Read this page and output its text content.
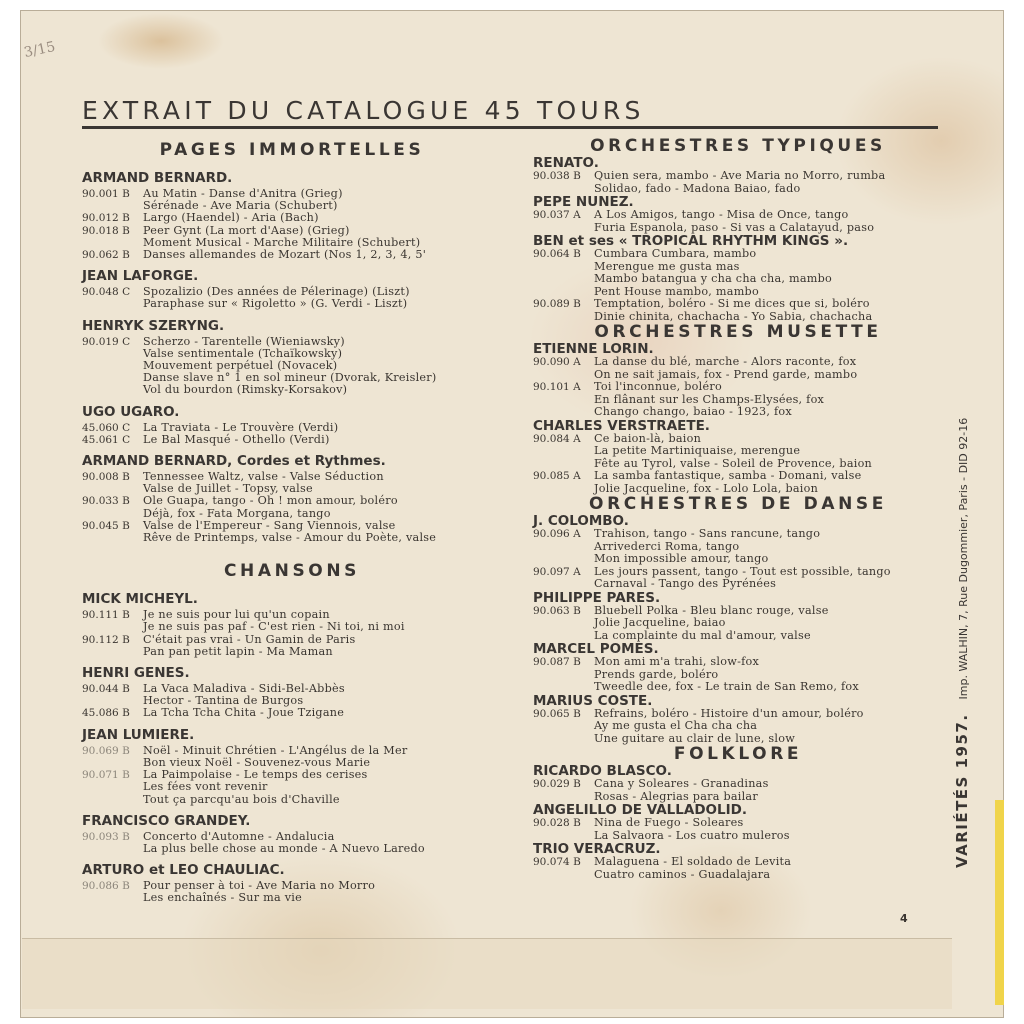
3/15
EXTRAIT DU CATALOGUE 45 TOURS
PAGES IMMORTELLES
ARMAND BERNARD.
90.001 B	Au Matin - Danse d'Anitra (Grieg)
Sérénade - Ave Maria (Schubert)
90.012 B	Largo (Haendel) - Aria (Bach)
90.018 B	Peer Gynt (La mort d'Aase) (Grieg)
Moment Musical - Marche Militaire (Schubert)
90.062 B	Danses allemandes de Mozart (Nos 1, 2, 3, 4, 5'
JEAN LAFORGE.
90.048 C	Spozalizio (Des années de Pélerinage) (Liszt)
Paraphase sur « Rigoletto » (G. Verdi - Liszt)
HENRYK SZERYNG.
90.019 C	Scherzo - Tarentelle (Wieniawsky)
Valse sentimentale (Tchaïkowsky)
Mouvement perpétuel (Novacek)
Danse slave n° 1 en sol mineur (Dvorak, Kreisler)
Vol du bourdon (Rimsky-Korsakov)
UGO UGARO.
45.060 C	La Traviata - Le Trouvère (Verdi)
45.061 C	Le Bal Masqué - Othello (Verdi)
ARMAND BERNARD, Cordes et Rythmes.
90.008 B	Tennessee Waltz, valse - Valse Séduction
Valse de Juillet - Topsy, valse
90.033 B	Ole Guapa, tango - Oh ! mon amour, boléro
Déjà, fox - Fata Morgana, tango
90.045 B	Valse de l'Empereur - Sang Viennois, valse
Rêve de Printemps, valse - Amour du Poète, valse
CHANSONS
MICK MICHEYL.
90.111 B	Je ne suis pour lui qu'un copain
Je ne suis pas paf - C'est rien - Ni toi, ni moi
90.112 B	C'était pas vrai - Un Gamin de Paris
Pan pan petit lapin - Ma Maman
HENRI GENES.
90.044 B	La Vaca Maladiva - Sidi-Bel-Abbès
Hector - Tantina de Burgos
45.086 B	La Tcha Tcha Chita - Joue Tzigane
JEAN LUMIERE.
90.069 B	Noël - Minuit Chrétien - L'Angélus de la Mer
Bon vieux Noël - Souvenez-vous Marie
90.071 B	La Paimpolaise - Le temps des cerises
Les fées vont revenir
Tout ça parcqu'au bois d'Chaville
FRANCISCO GRANDEY.
90.093 B	Concerto d'Automne - Andalucia
La plus belle chose au monde - A Nuevo Laredo
ARTURO et LEO CHAULIAC.
90.086 B	Pour penser à toi - Ave Maria no Morro
Les enchaînés - Sur ma vie
ORCHESTRES TYPIQUES
RENATO.
90.038 B	Quien sera, mambo - Ave Maria no Morro, rumba
Solidao, fado - Madona Baiao, fado
PEPE NUNEZ.
90.037 A	A Los Amigos, tango - Misa de Once, tango
Furia Espanola, paso - Si vas a Calatayud, paso
BEN et ses « TROPICAL RHYTHM KINGS ».
90.064 B	Cumbara Cumbara, mambo
Merengue me gusta mas
Mambo batangua y cha cha cha, mambo
Pent House mambo, mambo
90.089 B	Temptation, boléro - Si me dices que si, boléro
Dinie chinita, chachacha - Yo Sabia, chachacha
ORCHESTRES MUSETTE
ETIENNE LORIN.
90.090 A	La danse du blé, marche - Alors raconte, fox
On ne sait jamais, fox - Prend garde, mambo
90.101 A	Toi l'inconnue, boléro
En flânant sur les Champs-Elysées, fox
Chango chango, baiao - 1923, fox
CHARLES VERSTRAETE.
90.084 A	Ce baion-là, baion
La petite Martiniquaise, merengue
Fête au Tyrol, valse - Soleil de Provence, baion
90.085 A	La samba fantastique, samba - Domani, valse
Jolie Jacqueline, fox - Lolo Lola, baion
ORCHESTRES DE DANSE
J. COLOMBO.
90.096 A	Trahison, tango - Sans rancune, tango
Arrivederci Roma, tango
Mon impossible amour, tango
90.097 A	Les jours passent, tango - Tout est possible, tango
Carnaval - Tango des Pyrénées
PHILIPPE PARES.
90.063 B	Bluebell Polka - Bleu blanc rouge, valse
Jolie Jacqueline, baiao
La complainte du mal d'amour, valse
MARCEL POMES.
90.087 B	Mon ami m'a trahi, slow-fox
Prends garde, boléro
Tweedle dee, fox - Le train de San Remo, fox
MARIUS COSTE.
90.065 B	Refrains, boléro - Histoire d'un amour, boléro
Ay me gusta el Cha cha cha
Une guitare au clair de lune, slow
FOLKLORE
RICARDO BLASCO.
90.029 B	Cana y Soleares - Granadinas
Rosas - Alegrias para bailar
ANGELILLO DE VALLADOLID.
90.028 B	Nina de Fuego - Soleares
La Salvaora - Los cuatro muleros
TRIO VERACRUZ.
90.074 B	Malaguena - El soldado de Levita
Cuatro caminos - Guadalajara
VARIÉTÉS 1957.Imp. WALHIN, 7, Rue Dugommier, Paris - DID 92-16
4
